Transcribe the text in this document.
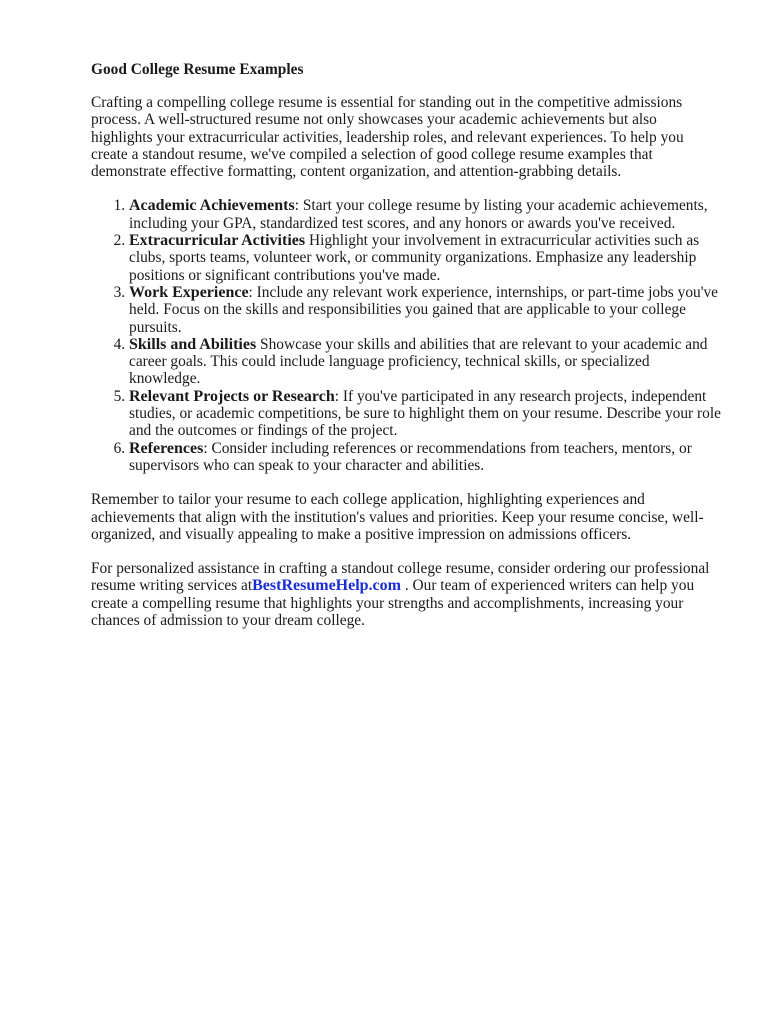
Good College Resume Examples

Crafting a compelling college resume is essential for standing out in the competitive admissions process. A well-structured resume not only showcases your academic achievements but also highlights your extracurricular activities, leadership roles, and relevant experiences. To help you create a standout resume, we've compiled a selection of good college resume examples that demonstrate effective formatting, content organization, and attention-grabbing details.

1. Academic Achievements: Start your college resume by listing your academic achievements, including your GPA, standardized test scores, and any honors or awards you've received.
2. Extracurricular Activities Highlight your involvement in extracurricular activities such as clubs, sports teams, volunteer work, or community organizations. Emphasize any leadership positions or significant contributions you've made.
3. Work Experience: Include any relevant work experience, internships, or part-time jobs you've held. Focus on the skills and responsibilities you gained that are applicable to your college pursuits.
4. Skills and Abilities Showcase your skills and abilities that are relevant to your academic and career goals. This could include language proficiency, technical skills, or specialized knowledge.
5. Relevant Projects or Research: If you've participated in any research projects, independent studies, or academic competitions, be sure to highlight them on your resume. Describe your role and the outcomes or findings of the project.
6. References: Consider including references or recommendations from teachers, mentors, or supervisors who can speak to your character and abilities.

Remember to tailor your resume to each college application, highlighting experiences and achievements that align with the institution's values and priorities. Keep your resume concise, well-organized, and visually appealing to make a positive impression on admissions officers.

For personalized assistance in crafting a standout college resume, consider ordering our professional resume writing services atBestResumeHelp.com . Our team of experienced writers can help you create a compelling resume that highlights your strengths and accomplishments, increasing your chances of admission to your dream college.
